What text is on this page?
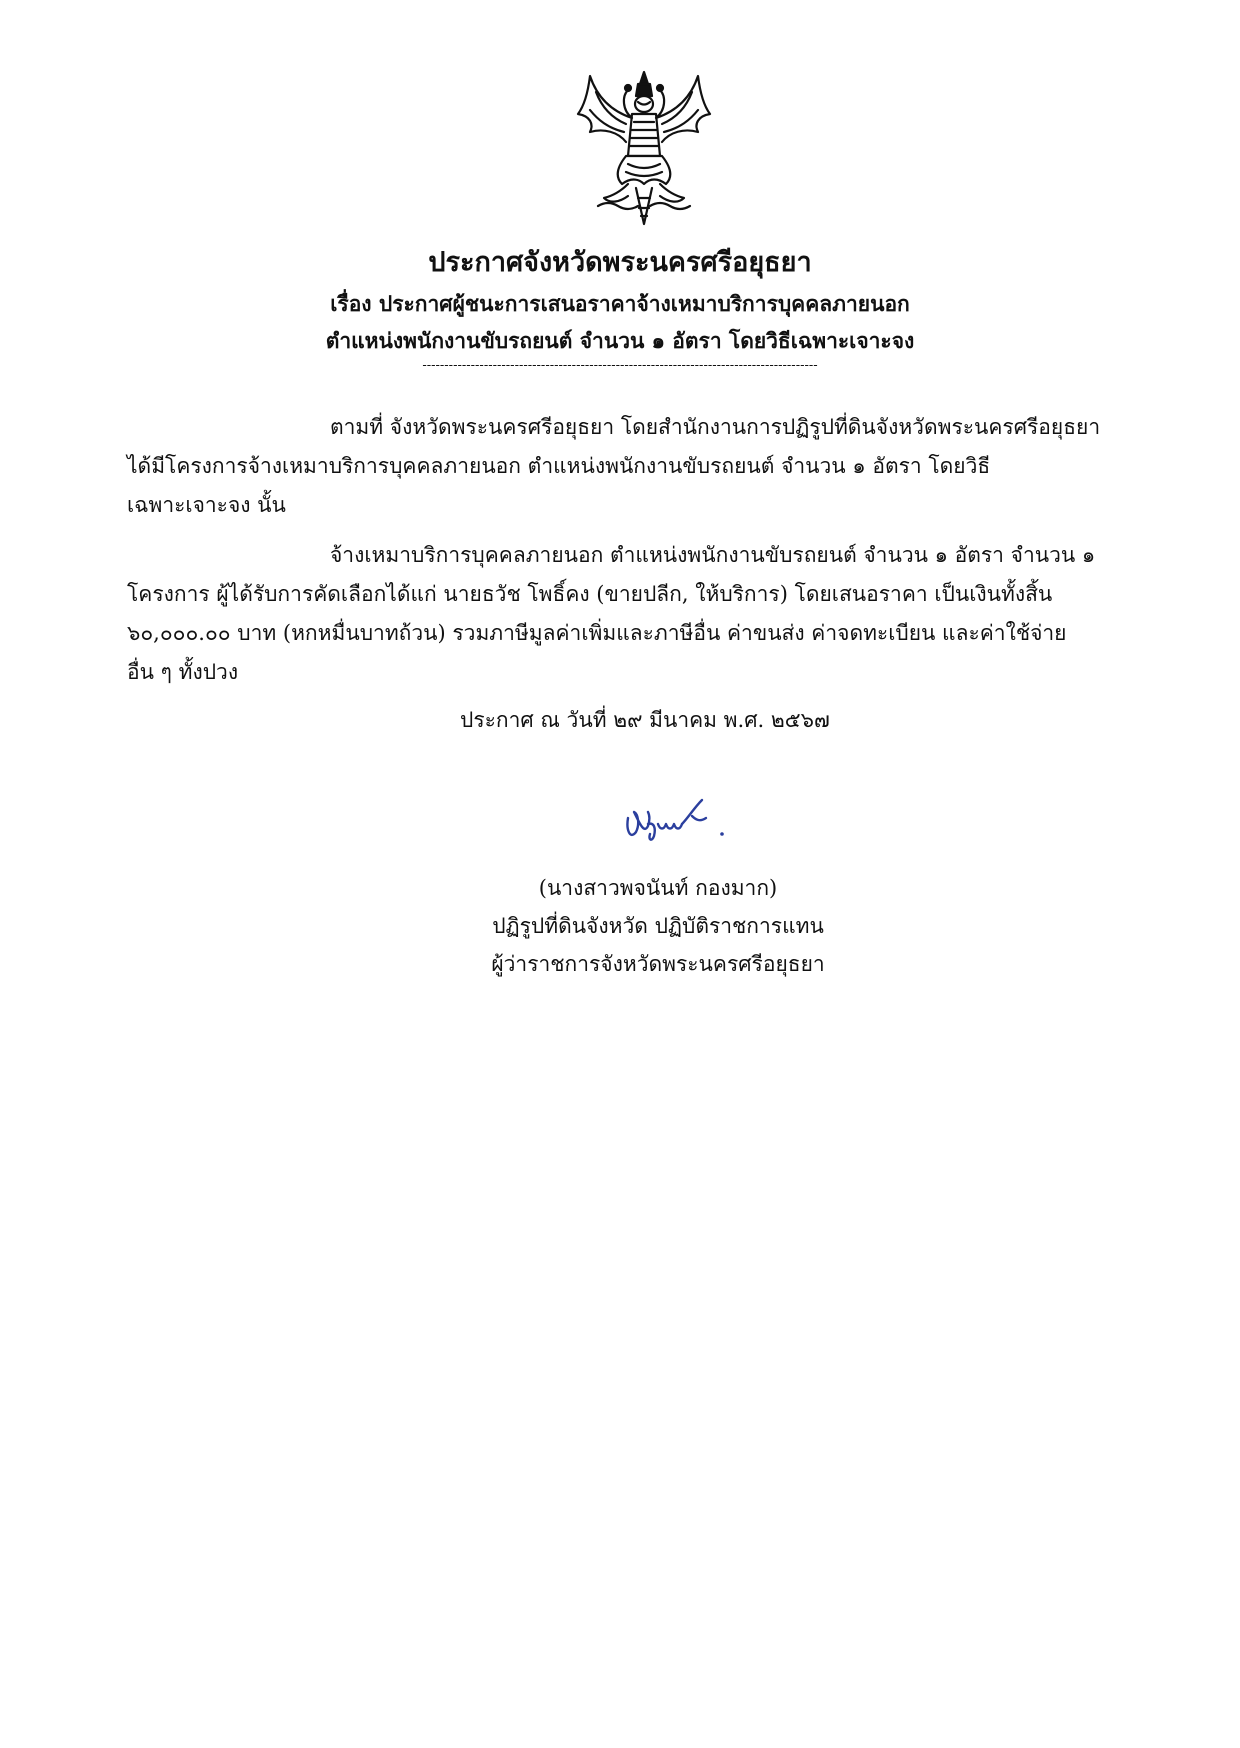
ประกาศจังหวัดพระนครศรีอยุธยา
เรื่อง ประกาศผู้ชนะการเสนอราคาจ้างเหมาบริการบุคคลภายนอก
ตำแหน่งพนักงานขับรถยนต์ จำนวน ๑ อัตรา โดยวิธีเฉพาะเจาะจง
------------------------------------------------------------------------------------------
ตามที่ จังหวัดพระนครศรีอยุธยา โดยสำนักงานการปฏิรูปที่ดินจังหวัดพระนครศรีอยุธยา
ได้มีโครงการจ้างเหมาบริการบุคคลภายนอก ตำแหน่งพนักงานขับรถยนต์ จำนวน ๑ อัตรา โดยวิธี
เฉพาะเจาะจง นั้น
จ้างเหมาบริการบุคคลภายนอก ตำแหน่งพนักงานขับรถยนต์ จำนวน ๑ อัตรา จำนวน ๑
โครงการ ผู้ได้รับการคัดเลือกได้แก่ นายธวัช โพธิ์คง (ขายปลีก, ให้บริการ) โดยเสนอราคา เป็นเงินทั้งสิ้น
๖๐,๐๐๐.๐๐ บาท (หกหมื่นบาทถ้วน) รวมภาษีมูลค่าเพิ่มและภาษีอื่น ค่าขนส่ง ค่าจดทะเบียน และค่าใช้จ่าย
อื่น ๆ ทั้งปวง
ประกาศ ณ วันที่ ๒๙ มีนาคม พ.ศ. ๒๕๖๗
(นางสาวพจนันท์ กองมาก)
ปฏิรูปที่ดินจังหวัด ปฏิบัติราชการแทน
ผู้ว่าราชการจังหวัดพระนครศรีอยุธยา
